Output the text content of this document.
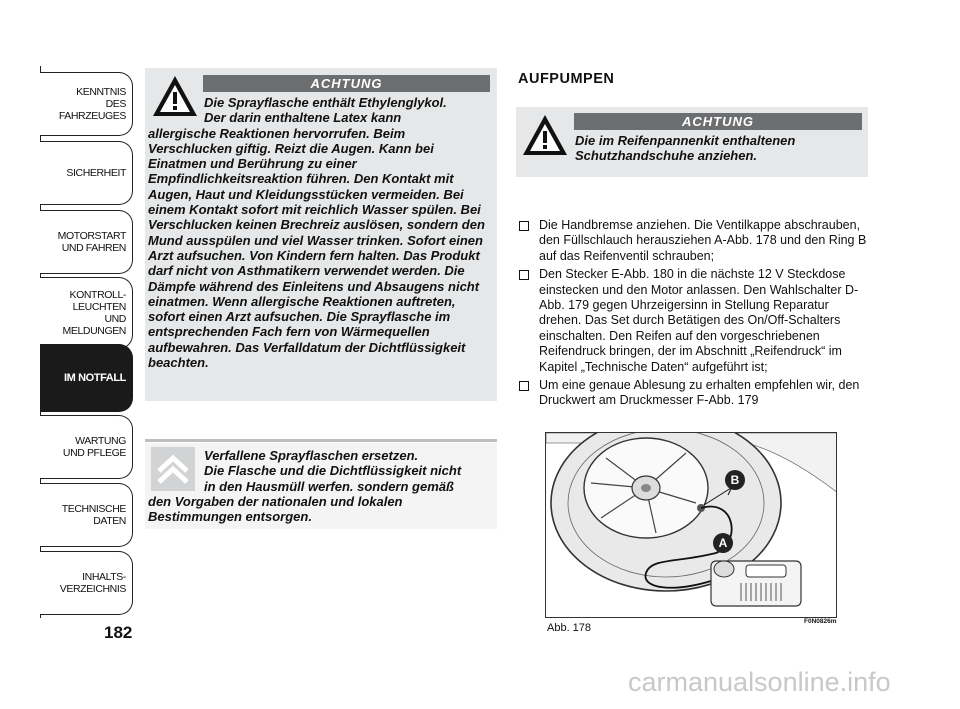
KENNTNIS
DES FAHRZEUGES
SICHERHEIT
MOTORSTART
UND FAHREN
KONTROLL-
LEUCHTEN
UND MELDUNGEN
IM NOTFALL
WARTUNG
UND PFLEGE
TECHNISCHE
DATEN
INHALTS-
VERZEICHNIS
182
ACHTUNG
Die Sprayflasche enthält Ethylenglykol.
Der darin enthaltene Latex kann
allergische Reaktionen hervorrufen. Beim Verschlucken giftig. Reizt die Augen. Kann bei Einatmen und Berührung zu einer Empfindlichkeitsreaktion führen. Den Kontakt mit Augen, Haut und Kleidungsstücken vermeiden. Bei einem Kontakt sofort mit reichlich Wasser spülen. Bei Verschlucken keinen Brechreiz auslösen, sondern den Mund ausspülen und viel Wasser trinken. Sofort einen Arzt aufsuchen. Von Kindern fern halten. Das Produkt darf nicht von Asthmatikern verwendet werden. Die Dämpfe während des Einleitens und Absaugens nicht einatmen. Wenn allergische Reaktionen auftreten, sofort einen Arzt aufsuchen. Die Sprayflasche im entsprechenden Fach fern von Wärmequellen aufbewahren. Das Verfalldatum der Dichtflüssigkeit beachten.
Verfallene Sprayflaschen ersetzen.
Die Flasche und die Dichtflüssigkeit nicht
in den Hausmüll werfen. sondern gemäß
den Vorgaben der nationalen und lokalen Bestimmungen entsorgen.
AUFPUMPEN
ACHTUNG
Die im Reifenpannenkit enthaltenen
Schutzhandschuhe anziehen.
Die Handbremse anziehen. Die Ventilkappe abschrauben, den Füllschlauch herausziehen A-Abb. 178 und den Ring B auf das Reifenventil schrauben;
Den Stecker E-Abb. 180 in die nächste 12 V Steckdose einstecken und den Motor anlassen. Den Wahlschalter D-Abb. 179 gegen Uhrzeigersinn in Stellung Reparatur drehen. Das Set durch Betätigen des On/Off-Schalters einschalten. Den Reifen auf den vorgeschriebenen Reifendruck bringen, der im Abschnitt „Reifendruck“ im Kapitel „Technische Daten“ aufgeführt ist;
Um eine genaue Ablesung zu erhalten empfehlen wir, den Druckwert am Druckmesser F-Abb. 179
B
A
Abb. 178
F0N0826m
carmanualsonline.info
